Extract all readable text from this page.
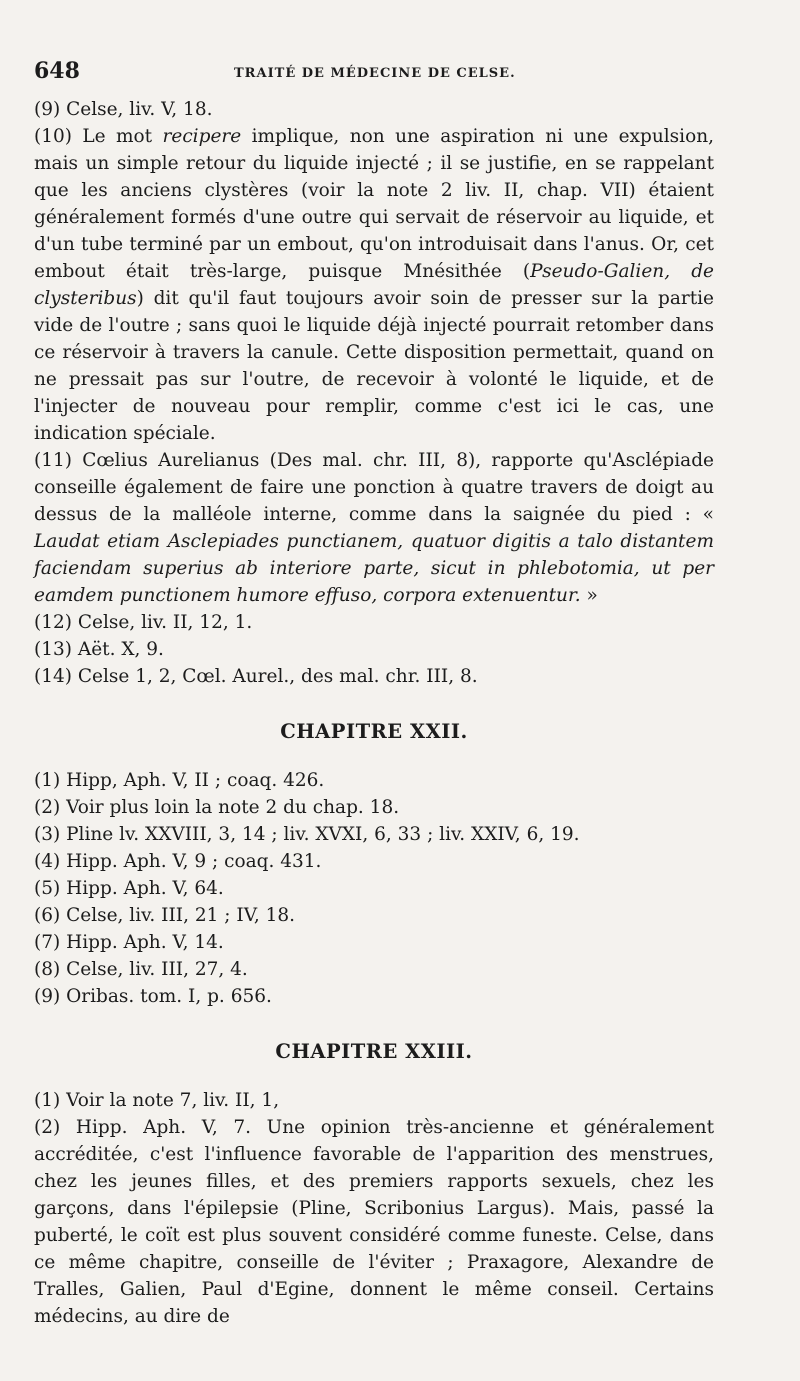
648	TRAITÉ DE MÉDECINE DE CELSE.

(9) Celse, liv. V, 18.

(10) Le mot recipere implique, non une aspiration ni une expulsion, mais un simple retour du liquide injecté ; il se justifie, en se rappelant que les anciens clystères (voir la note 2 liv. II, chap. VII) étaient généralement formés d'une outre qui servait de réservoir au liquide, et d'un tube terminé par un embout, qu'on introduisait dans l'anus. Or, cet embout était très-large, puisque Mnésithée (Pseudo-Galien, de clysteribus) dit qu'il faut toujours avoir soin de presser sur la partie vide de l'outre ; sans quoi le liquide déjà injecté pourrait retomber dans ce réservoir à travers la canule. Cette disposition permettait, quand on ne pressait pas sur l'outre, de recevoir à volonté le liquide, et de l'injecter de nouveau pour remplir, comme c'est ici le cas, une indication spéciale.

(11) Cœlius Aurelianus (Des mal. chr. III, 8), rapporte qu'Asclépiade conseille également de faire une ponction à quatre travers de doigt au dessus de la malléole interne, comme dans la saignée du pied : « Laudat etiam Asclepiades punctianem, quatuor digitis a talo distantem faciendam superius ab interiore parte, sicut in phlebotomia, ut per eamdem punctionem humore effuso, corpora extenuentur. »

(12) Celse, liv. II, 12, 1.

(13) Aët. X, 9.

(14) Celse 1, 2, Cœl. Aurel., des mal. chr. III, 8.

CHAPITRE XXII.

(1) Hipp, Aph. V, II ; coaq. 426.

(2) Voir plus loin la note 2 du chap. 18.

(3) Pline lv. XXVIII, 3, 14 ; liv. XVXI, 6, 33 ; liv. XXIV, 6, 19.

(4) Hipp. Aph. V, 9 ; coaq. 431.

(5) Hipp. Aph. V, 64.

(6) Celse, liv. III, 21 ; IV, 18.

(7) Hipp. Aph. V, 14.

(8) Celse, liv. III, 27, 4.

(9) Oribas. tom. I, p. 656.

CHAPITRE XXIII.

(1) Voir la note 7, liv. II, 1,

(2) Hipp. Aph. V, 7. Une opinion très-ancienne et généralement accréditée, c'est l'influence favorable de l'apparition des menstrues, chez les jeunes filles, et des premiers rapports sexuels, chez les garçons, dans l'épilepsie (Pline, Scribonius Largus). Mais, passé la puberté, le coït est plus souvent considéré comme funeste. Celse, dans ce même chapitre, conseille de l'éviter ; Praxagore, Alexandre de Tralles, Galien, Paul d'Egine, donnent le même conseil. Certains médecins, au dire de
